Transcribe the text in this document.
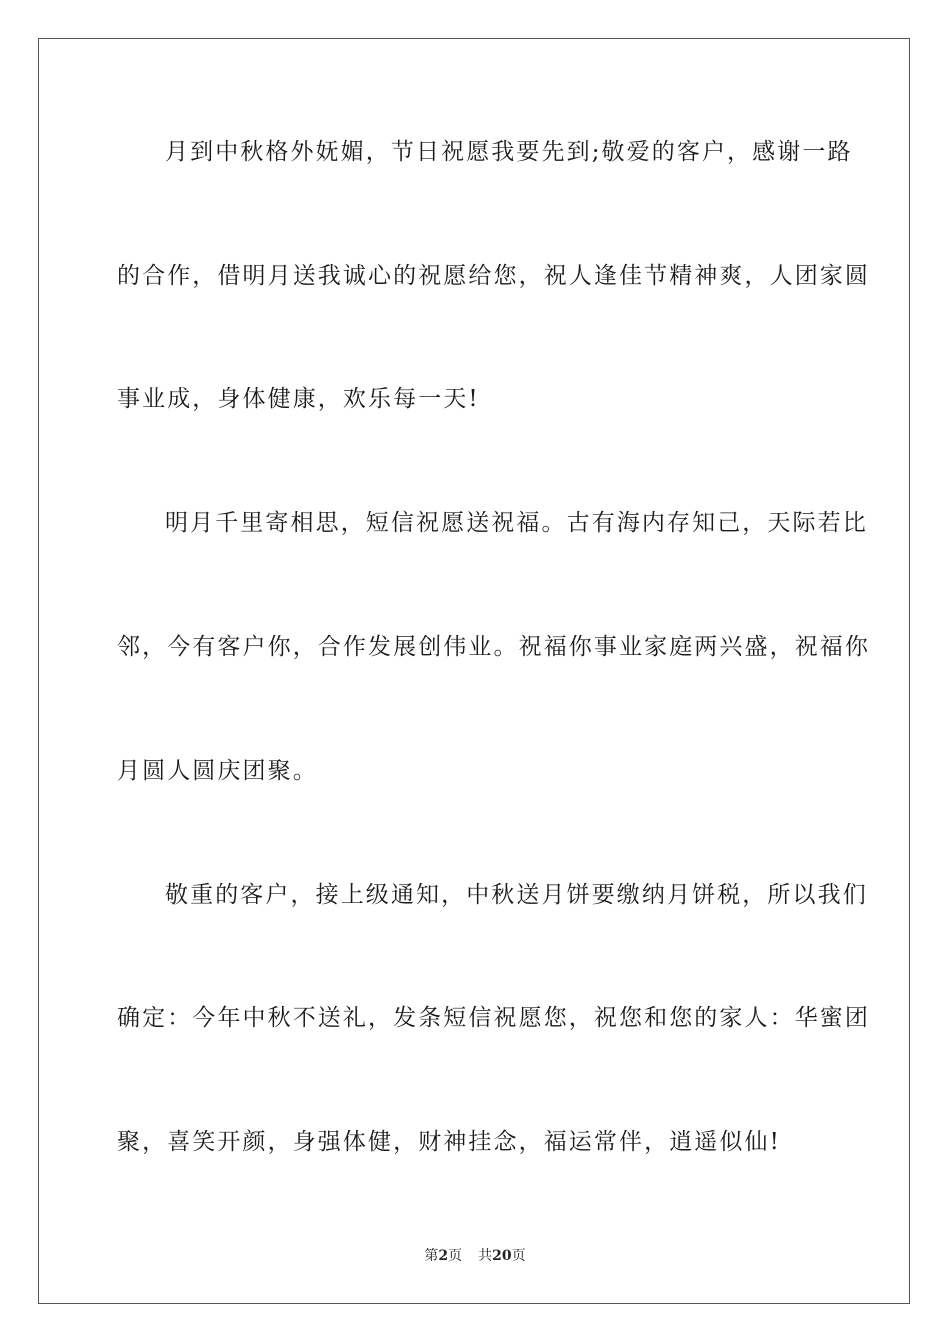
月到中秋格外妩媚，节日祝愿我要先到;敬爱的客户，感谢一路
的合作，借明月送我诚心的祝愿给您，祝人逢佳节精神爽，人团家圆
事业成，身体健康，欢乐每一天!
明月千里寄相思，短信祝愿送祝福。古有海内存知己，天际若比
邻，今有客户你，合作发展创伟业。祝福你事业家庭两兴盛，祝福你
月圆人圆庆团聚。
敬重的客户，接上级通知，中秋送月饼要缴纳月饼税，所以我们
确定：今年中秋不送礼，发条短信祝愿您，祝您和您的家人：华蜜团
聚，喜笑开颜，身强体健，财神挂念，福运常伴，逍遥似仙!
第2页 共20页
